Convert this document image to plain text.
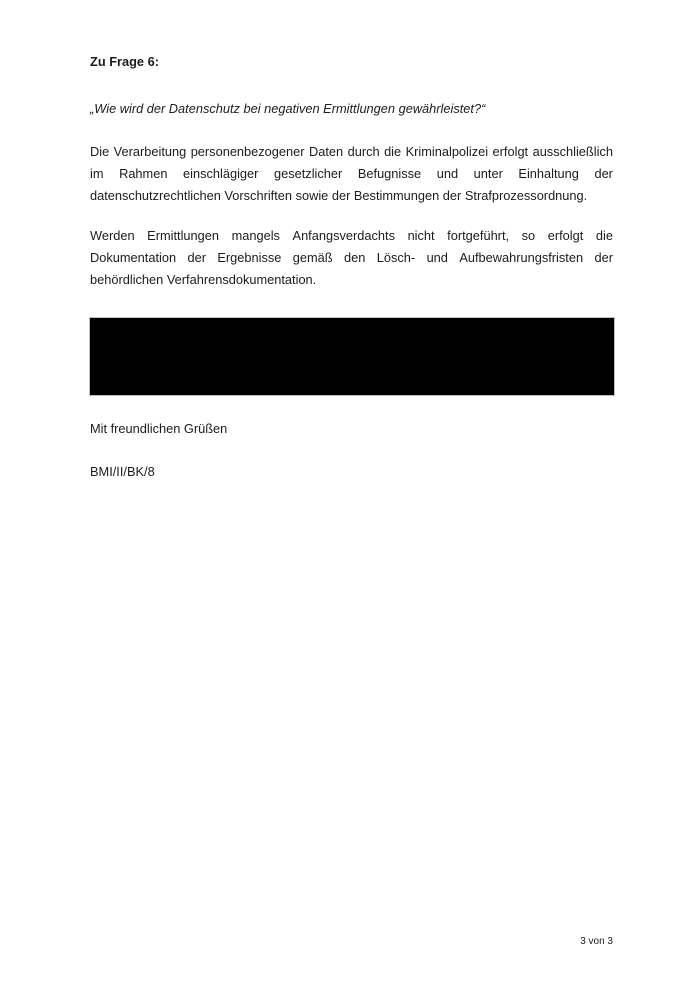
Zu Frage 6:
„Wie wird der Datenschutz bei negativen Ermittlungen gewährleistet?“
Die Verarbeitung personenbezogener Daten durch die Kriminalpolizei erfolgt ausschließlich
im Rahmen einschlägiger gesetzlicher Befugnisse und unter Einhaltung der
datenschutzrechtlichen Vorschriften sowie der Bestimmungen der Strafprozessordnung.
Werden Ermittlungen mangels Anfangsverdachts nicht fortgeführt, so erfolgt die
Dokumentation der Ergebnisse gemäß den Lösch- und Aufbewahrungsfristen der
behördlichen Verfahrensdokumentation.
Mit freundlichen Grüßen
BMI/II/BK/8
3 von 3
